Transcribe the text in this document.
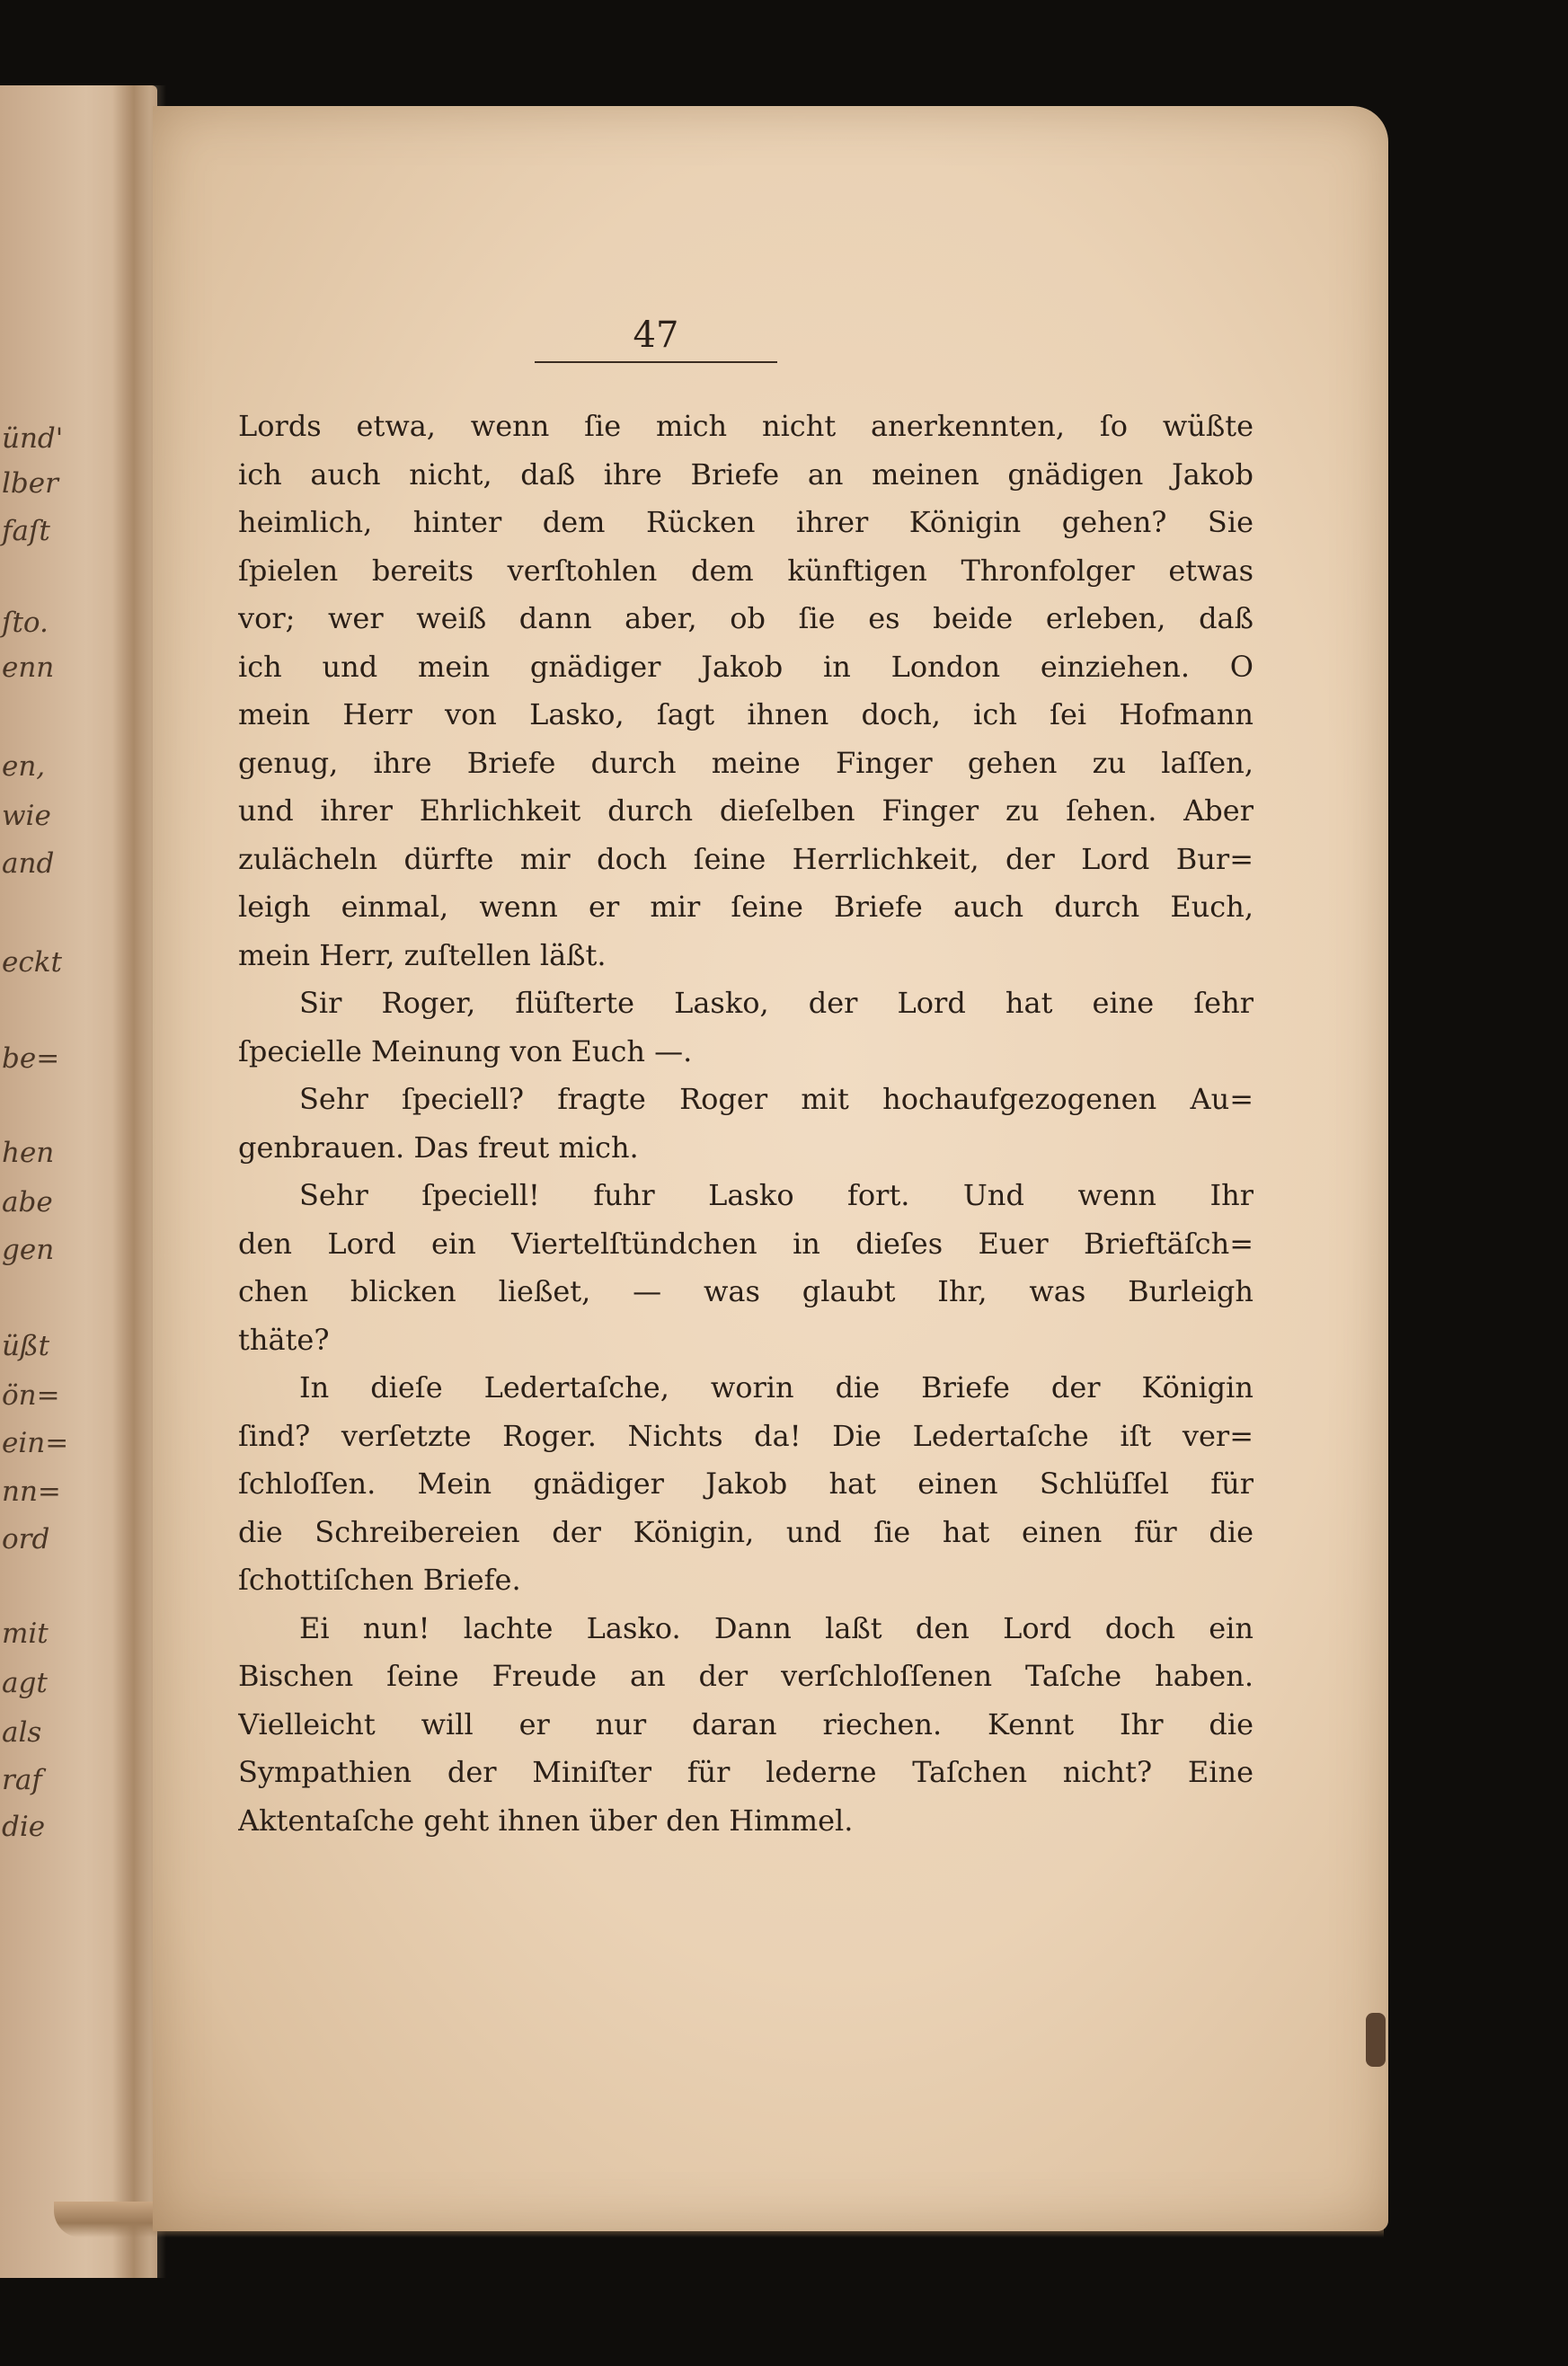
ünd'
lber
faſt
ſto.
enn
en,
wie
and
eckt
be=
hen
abe
gen
üßt
ön=
ein=
nn=
ord
mit
agt
als
raf
die
47
Lords etwa, wenn ſie mich nicht anerkennten, ſo wüßte
ich auch nicht, daß ihre Briefe an meinen gnädigen Jakob
heimlich, hinter dem Rücken ihrer Königin gehen? Sie
ſpielen bereits verſtohlen dem künftigen Thronfolger etwas
vor; wer weiß dann aber, ob ſie es beide erleben, daß
ich und mein gnädiger Jakob in London einziehen. O
mein Herr von Lasko, ſagt ihnen doch, ich ſei Hofmann
genug, ihre Briefe durch meine Finger gehen zu laſſen,
und ihrer Ehrlichkeit durch dieſelben Finger zu ſehen. Aber
zulächeln dürfte mir doch ſeine Herrlichkeit, der Lord Bur=
leigh einmal, wenn er mir ſeine Briefe auch durch Euch,
mein Herr, zuſtellen läßt.
Sir Roger, flüſterte Lasko, der Lord hat eine ſehr
ſpecielle Meinung von Euch —.
Sehr ſpeciell? fragte Roger mit hochaufgezogenen Au=
genbrauen. Das freut mich.
Sehr ſpeciell! fuhr Lasko fort. Und wenn Ihr
den Lord ein Viertelſtündchen in dieſes Euer Brieftäſch=
chen blicken ließet, — was glaubt Ihr, was Burleigh
thäte?
In dieſe Ledertaſche, worin die Briefe der Königin
ſind? verſetzte Roger. Nichts da! Die Ledertaſche iſt ver=
ſchloſſen. Mein gnädiger Jakob hat einen Schlüſſel für
die Schreibereien der Königin, und ſie hat einen für die
ſchottiſchen Briefe.
Ei nun! lachte Lasko. Dann laßt den Lord doch ein
Bischen ſeine Freude an der verſchloſſenen Taſche haben.
Vielleicht will er nur daran riechen. Kennt Ihr die
Sympathien der Miniſter für lederne Taſchen nicht? Eine
Aktentaſche geht ihnen über den Himmel.
